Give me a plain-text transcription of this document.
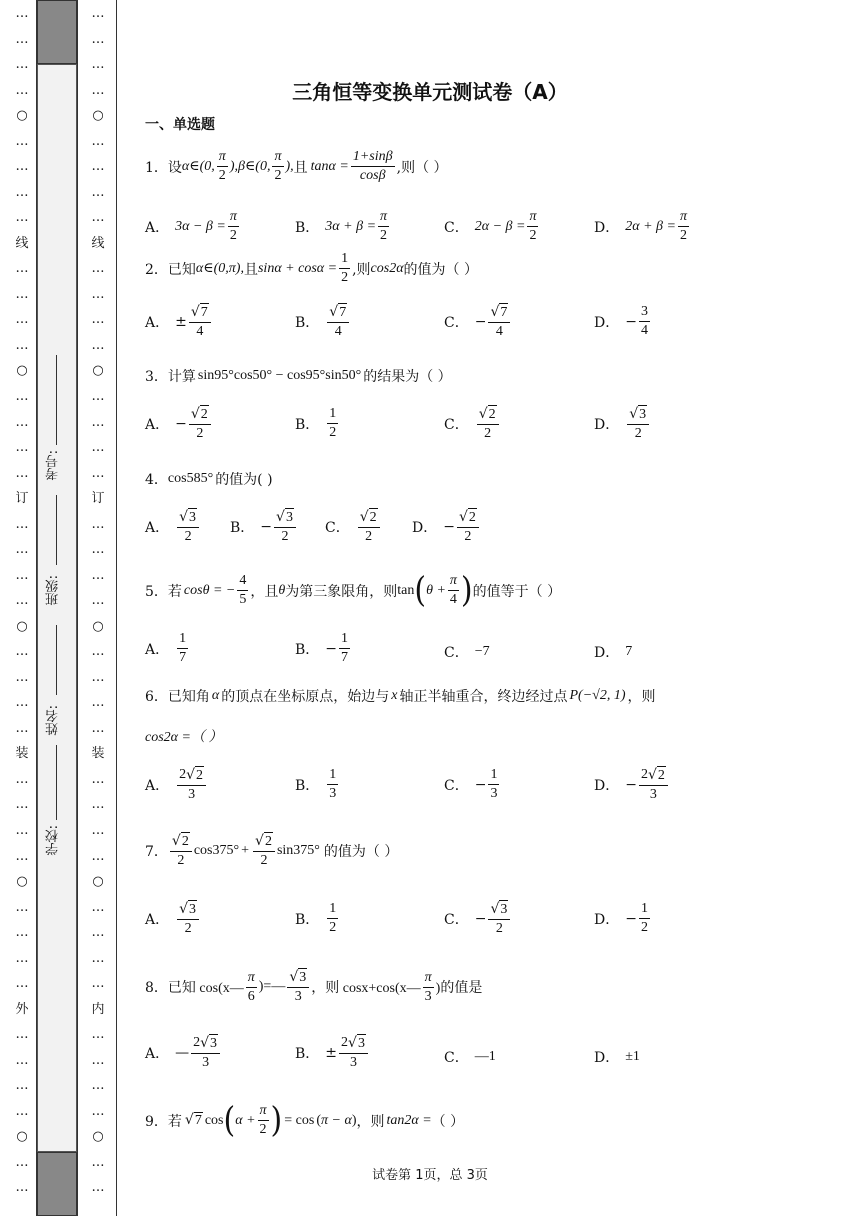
…
…
…
…
○
…
…
…
…
线
…
…
…
…
○
…
…
…
…
订
…
…
…
…
○
…
…
…
…
装
…
…
…
…
○
…
…
…
…
外
…
…
…
…
○
…
…
…
…
…
…
○
…
…
…
…
线
…
…
…
…
○
…
…
…
…
订
…
…
…
…
○
…
…
…
…
装
…
…
…
…
○
…
…
…
…
内
…
…
…
…
○
…
…
考号:
班级:
姓名:
学校:
三角恒等变换单元测试卷（A）
一、单选题
1． 设 α∈(0, $\frac{\pi}{2}$ ),β∈(0, $\frac{\pi}{2}$ ), 且 $\tan\alpha = \frac{1+\sin\beta}{\cos\beta}$ ,则（ ）
A． $3\alpha - \beta = \frac{\pi}{2}$	B． $3\alpha + \beta = \frac{\pi}{2}$	C． $2\alpha - \beta = \frac{\pi}{2}$	D． $2\alpha + \beta = \frac{\pi}{2}$
2． 已知 α∈(0,π), 且 $\sin\alpha + \cos\alpha = \frac{1}{2}$ ,则 cos2α 的值为（ ）
A． ± $\frac{√ 7}{4}$	B． $\frac{√ 7}{4}$	C． − $\frac{√ 7}{4}$	D． − $\frac{3}{4}$
3． 计算 sin95°cos50° − cos95°sin50° 的结果为（ ）
A． − $\frac{√ 2}{2}$	B． $\frac{1}{2}$	C． $\frac{√ 2}{2}$	D． $\frac{√ 3}{2}$
4． cos585° 的值为( )
A． $\frac{√ 3}{2}$ B． − $\frac{√ 3}{2}$ C． $\frac{√ 2}{2}$ D． − $\frac{√ 2}{2}$
5． 若 cosθ = − $\frac{4}{5}$ ，且 θ 为第三象限角，则 tan ( $\theta + \frac{\pi}{4}$ ) 的值等于（ ）
A． $\frac{1}{7}$	B． − $\frac{1}{7}$	C． −7	D． 7
6． 已知角 α 的顶点在坐标原点，始边与 x 轴正半轴重合，终边经过点 P(−√2, 1) ，则
cos2α =（ ）
A． $\frac{2 √ 2}{3}$	B． $\frac{1}{3}$	C． − $\frac{1}{3}$	D． − $\frac{2 √ 2}{3}$
7． $\frac{√ 2}{2} \cos 375^\circ + \frac{√ 2}{2} \sin 375^\circ$ 的值为（ ）
A． $\frac{√ 3}{2}$	B． $\frac{1}{2}$	C． − $\frac{√ 3}{2}$	D． − $\frac{1}{2}$
8． 已知 cos(x— $\frac{\pi}{6}$ )=— $\frac{√ 3}{3}$ ，则 cosx+cos(x— $\frac{\pi}{3}$ )的值是
A． — $\frac{2 √ 3}{3}$	B． ± $\frac{2 √ 3}{3}$	C． —1	D． ±1
9． 若 √ 7 cos ( $\alpha + \frac{\pi}{2}$ ) = cos ( π − α ) ，则 tan2α = （ ）
试卷第 1页，总 3页
